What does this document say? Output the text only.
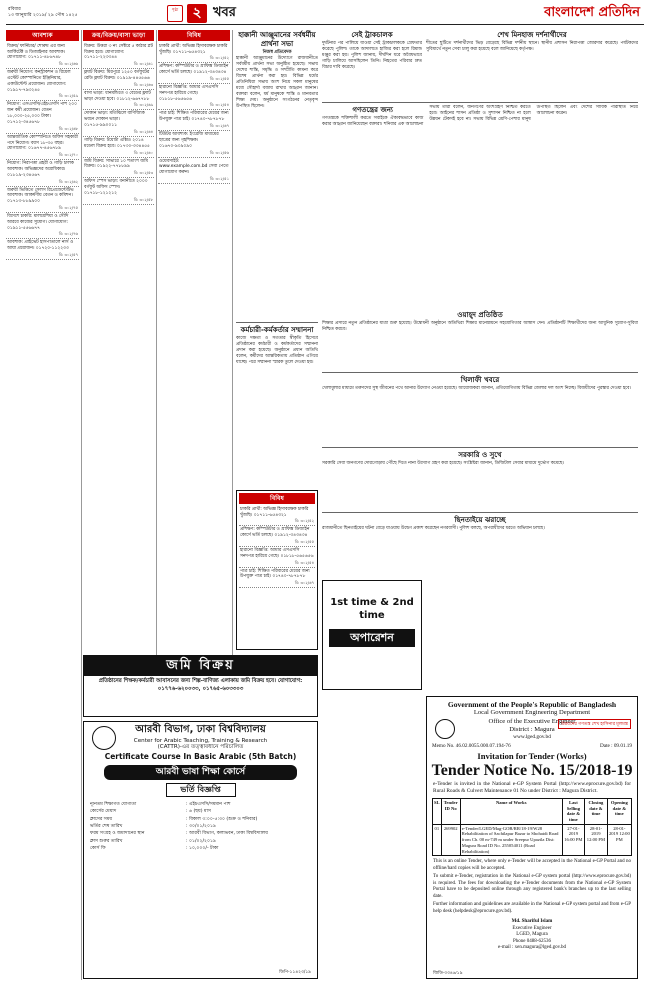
রবিবার
১৩ জানুয়ারি ২০১৯/ ২৯ পৌষ ১৪২৫
পৃষ্ঠা	২ খবর	বাংলাদেশ প্রতিদিন
আবশ্যক
বিক্রয়/ ফার্নিচার/ শোরুম এর জন্য আর্কিটেক্ট ও ডিজাইনার আবশ্যক। যোগাযোগ: ০১৭১১-৪৮৬৭৪৮
বি: ৩০২/৬৬
জরুরী নিয়োগ: কনস্ট্রাকশন ও রিয়েল এস্টেট কোম্পানিতে ইঞ্জিনিয়ার, একাউন্টেন্ট প্রয়োজন। যোগাযোগ: ০১৯১৭-৭৯৩২৪৫
বি: ৩০২/৫৯
নিয়োগ: এসএসসি/এইচএসসি পাশ ২০০ জন কর্মী প্রয়োজন। বেতন ১৮,০০০-২৫,০০০ টাকা। ০১৭১২-৩৪৫৬৭৮
বি: ৩০২/৬৮
আন্তর্জাতিক কোম্পানিতে অফিস সহকারী পদে নিয়োগ। বয়স ১৮-৩৫ বছর। যোগাযোগ: ০১৬৭৭-৪৫৬৭৮৯
বি: ৩০২/৭০
নিয়োগ: নিরাপত্তা প্রহরী ও গাড়ি চালক আবশ্যক। অভিজ্ঞদের অগ্রাধিকার। ০১৮১৯-২৩৪৫৬৭
বি: ৩০২/৬২
জরুরী ভিত্তিতে সেলস রিপ্রেজেন্টেটিভ আবশ্যক। আকর্ষণীয় বেতন ও কমিশন। ০১৭১৩-৮৮৯৯০০
বি: ৩০২/৭৫
বিদেশে চাকরি: মালয়েশিয়া ও সৌদি আরবে কাজের সুযোগ। যোগাযোগ: ০১৯১১-৫৫৬৬৭৭
বি: ৩০২/৭৬
আবশ্যক: প্রাইভেট হাসপাতালে নার্স ও আয়া প্রয়োজন। ০১৭২০-১১২২৩৩
বি: ৩০২/৫৭
ক্রয়/বিক্রয়/বাসা ভাড়া
বিক্রয়: উত্তরা ৩ নং সেক্টরে ৫ কাঠার প্লট বিক্রয় হবে। যোগাযোগ: ০১৭১১-২২৩৩৪৪
বি: ৩০২/৬১
ফ্ল্যাট বিক্রয়: মিরপুরে ১২৫০ বর্গফুটের রেডি ফ্ল্যাট বিক্রয়। ০১৯১৯-৪৪৫৫৬৬
বি: ৩০২/৬৩
বাসা ভাড়া: ধানমন্ডিতে ৩ বেডের ফ্ল্যাট ভাড়া দেওয়া হবে। ০১৮১২-৬৬৭৭৮৮
বি: ৩০২/৬৯
দোকান ভাড়া: মতিঝিলে বাণিজ্যিক ভবনে দোকান ভাড়া। ০১৭১৫-৯৯০০১১
বি: ৩০২/৬৪
গাড়ি বিক্রয়: টয়োটা এক্সিও ২০১৪ মডেল বিক্রয় হবে। ০১৭৩০-৩৩৪৪৫৫
বি: ৩০২/৬০
জমি বিক্রয়: সাভারে ১০ শতাংশ জমি বিক্রয়। ০১৯২২-৭৭৮৮৯৯
বি: ৩০২/৫৩
অফিস স্পেস ভাড়া: বনানীতে ২০০০ বর্গফুট অফিস স্পেস। ০১৭১৮-১২১২১২
বি: ৩০২/৫৮
বিবিধ
চাকরি প্রার্থী: অভিজ্ঞ হিসাবরক্ষক চাকরি খুঁজছি। ০১৭১১-৬৫৪৩২১
বি: ৩০২/৫২
প্রশিক্ষণ: কম্পিউটার ও গ্রাফিক্স ডিজাইন কোর্সে ভর্তি চলছে। ০১৯১২-৩৪৩৪৩৪
বি: ৩০২/৫৫
হারানো বিজ্ঞপ্তি: আমার এসএসসি সনদপত্র হারিয়ে গেছে। ০১৮১৮-৫৬৫৬৫৬
বি: ৩০২/৫৪
পাত্র চাই: শিক্ষিত পরিবারের মেয়ের জন্য উপযুক্ত পাত্র চাই। ০১৭৪০-৭৮৭৮৭৮
বি: ৩০২/৬৭
টিউটর আবশ্যক: ইংরেজি মাধ্যমের ছাত্রের জন্য গৃহশিক্ষক। ০১৬৭০-৯০৯০৯০
বি: ৩০২/৫৬
ওয়েবসাইট: www.example.com.bd সেবা পেতে যোগাযোগ করুন।
বি: ৩০২/৫১
হাক্কানী আঞ্জুমানের সর্বধর্মীয় প্রার্থনা সভা
নিজস্ব প্রতিবেদক

হাক্কানী আঞ্জুমানের উদ্যোগে রাজধানীতে সর্বধর্মীয় প্রার্থনা সভা অনুষ্ঠিত হয়েছে। সভায় দেশের শান্তি, সমৃদ্ধি ও সম্প্রীতি কামনা করে বিশেষ প্রার্থনা করা হয়। বিভিন্ন ধর্মের প্রতিনিধিরা সভায় অংশ নিয়ে সকল মানুষের মধ্যে সৌহার্দ্য বজায় রাখার আহ্বান জানান। বক্তারা বলেন, ধর্ম মানুষকে শান্তি ও মানবতার শিক্ষা দেয়। অনুষ্ঠানে সংগঠনের নেতৃবৃন্দ উপস্থিত ছিলেন।

কর্মচারী-কর্মকর্তার সম্মাননা

কাজে দক্ষতা ও সততার স্বীকৃতি হিসেবে প্রতিষ্ঠানের কর্মচারী ও কর্মকর্তাদের সম্মাননা প্রদান করা হয়েছে। অনুষ্ঠানে প্রধান অতিথি বলেন, কর্মীদের আন্তরিকতায় প্রতিষ্ঠান এগিয়ে যাচ্ছে। পরে সম্মাননা স্মারক তুলে দেওয়া হয়।

বিবিধ
চাকরি প্রার্থী: অভিজ্ঞ হিসাবরক্ষক চাকরি খুঁজছি। ০১৭১১-৬৫৪৩২১
বি: ৩০২/৫২
প্রশিক্ষণ: কম্পিউটার ও গ্রাফিক্স ডিজাইন কোর্সে ভর্তি চলছে। ০১৯১২-৩৪৩৪৩৪
বি: ৩০২/৫৫
হারানো বিজ্ঞপ্তি: আমার এসএসসি সনদপত্র হারিয়ে গেছে। ০১৮১৮-৫৬৫৬৫৬
বি: ৩০২/৫৪
পাত্র চাই: শিক্ষিত পরিবারের মেয়ের জন্য উপযুক্ত পাত্র চাই। ০১৭৪০-৭৮৭৮৭৮
বি: ৩০২/৬৭
সেই ট্রাকচালক

দুর্ঘটনার পর পালিয়ে যাওয়া সেই ট্রাকচালককে গ্রেফতার করেছে পুলিশ। তাকে আদালতে হাজির করা হলে রিমান্ড মঞ্জুর করা হয়। পুলিশ জানায়, দীর্ঘদিন ধরে অবৈধভাবে গাড়ি চালিয়ে আসছিলেন তিনি। নিহতের পরিবার দ্রুত বিচার দাবি করেছে।

গণতন্ত্রের জন্য

গণতন্ত্রকে শক্তিশালী করতে সবাইকে ঐক্যবদ্ধভাবে কাজ করার আহ্বান জানিয়েছেন বক্তারা। শনিবার এক আলোচনা সভায় তারা বলেন, জনগণের অংশগ্রহণ নিশ্চিত করতে হবে। আইনের শাসন প্রতিষ্ঠা ও সুশাসন নিশ্চিত না হলে উন্নয়ন টেকসই হবে না। সভায় বিভিন্ন শ্রেণি-পেশার মানুষ উপস্থিত ছিলেন এবং দেশের সার্বিক পরিস্থিতি নিয়ে আলোচনা করেন।

শেখ মিনহাজ দর্শনার্থীদের

শীতের ছুটিতে দর্শনার্থীদের ভিড় বেড়েছে বিভিন্ন দর্শনীয় স্থানে। স্থানীয় প্রশাসন নিরাপত্তা জোরদার করেছে। পর্যটকদের সুবিধার্থে নতুন সেবা চালু করা হয়েছে বলে জানিয়েছে কর্তৃপক্ষ।

ওয়াহ্দ প্রতিষ্ঠিত

শিক্ষার প্রসারে নতুন প্রতিষ্ঠানের যাত্রা শুরু হয়েছে। উদ্বোধনী অনুষ্ঠানে অতিথিরা শিক্ষার মানোন্নয়নে সহযোগিতার আশ্বাস দেন। প্রতিষ্ঠানটি শিক্ষার্থীদের জন্য আধুনিক সুযোগ-সুবিধা নিশ্চিত করবে।

খিলাফী খবরে

খেলাধুলার মাধ্যমে তরুণদের সুস্থ জীবনের পথে আনার উদ্যোগ নেওয়া হয়েছে। আয়োজকরা জানান, প্রতিযোগিতায় বিভিন্ন জেলার দল অংশ নিচ্ছে। বিজয়ীদের পুরস্কার দেওয়া হবে।

সরকারি ও সুখে

সরকারি সেবা জনগণের দোরগোড়ায় পৌঁছে দিতে নানা উদ্যোগ গ্রহণ করা হয়েছে। সংশ্লিষ্টরা জানান, ডিজিটাল সেবার মাধ্যমে দুর্ভোগ কমেছে।

ছিনতাইয়ে ঝরাচ্ছে

রাজধানীতে ছিনতাইয়ের ঘটনা বেড়ে যাওয়ায় উদ্বেগ প্রকাশ করেছেন নগরবাসী। পুলিশ বলছে, অপরাধীদের ধরতে অভিযান চলছে।

1st time & 2nd time
অপারেশন
জমি বিক্রয়
প্রতিষ্ঠানের শিক্ষক/কর্মচারী আবাসনের জন্য শিল্প-বাণিজ্য এলাকায় জমি বিক্রয় হবে। যোগাযোগ: ০১৭৭৬-৬২০০৩৩, ০১৭৬৫-৬০৩৩০৩
আরবী বিভাগ, ঢাকা বিশ্ববিদ্যালয়
Center for Arabic Teaching, Training & Research
(CATTR)-এর তত্ত্বাবধানে পরিচালিত
Certificate Course In Basic Arabic (5th Batch)
আরবী ভাষা শিক্ষা কোর্সে
ভর্তি বিজ্ঞপ্তি
ন্যূনতম শিক্ষাগত যোগ্যতা	: এইচএসসি/সমমান পাশ
কোর্সের মেয়াদ	: ৬ (ছয়) মাস
ক্লাসের সময়	: বিকাল ৩:০০-৫:৩০ (শুক্র ও শনিবার)
ভর্তির শেষ তারিখ	: ৩০/০১/২০১৯
ফরম সংগ্রহ ও জমাদানের স্থান	: আরবী বিভাগ, কলাভবন, ঢাকা বিশ্ববিদ্যালয়
ক্লাস শুরুর তারিখ	: ০১/০২/২০১৯
কোর্স ফি	: ১০,০০০/- টাকা
ডিপি-১১৪২৩/১৯
Government of the People's Republic of Bangladesh
Local Government Engineering Department
Office of the Executive Engineer
District : Magura
www.lged.gov.bd
উন্নয়নের গণতন্ত্র শেখ হাসিনার মূলমন্ত্র
Memo No. 46.02.0055.000.07.194-76	Date : 09.01.19
Invitation for Tender (Works)
Tender Notice No. 15/2018-19
e-Tender is invited in the National e-GP System Portal (http://www.eprocure.gov.bd) for Rural Roads & Culvert Maintenance 01 No under District : Magura District.
SL	Tender ID No	Name of Works	Last Selling date & time	Closing date & time	Opening date & time
01	269902	e-Tender/LGED/Mag-GOB/RR/18-19/W28 Rehabilitation of Sachilapur Bazar to Shohatdi Road from Ch. 00 m-749 m under Sreepur Upazila Dist: Magura Road ID No. 255054011 (Road Rehabilitation)	27-01-2019 16:00 PM	28-01-2019 12:00 PM	28-01-2019 12:00 PM
This is an online Tender, where only e-Tender will be accepted in the National e-GP Portal and no offline/hard copies will be accepted.
To submit e-Tender, registration in the National e-GP system portal (http://www.eprocure.gov.bd) is required. The fees for downloading the e-Tender documents from the National e-GP System Portal have to be deposited online through any registered bank's branches up to the last selling date.
Further information and guidelines are available in the National e-GP system portal and from e-GP help desk (helpdesk@eprocure.gov.bd).
Md. Shariful Islam
Executive Engineer
LGED, Magura
Phone 0488-62536
e-mail : xen.magura@lged.gov.bd
জিডি-৩৩৪৬/১৯
